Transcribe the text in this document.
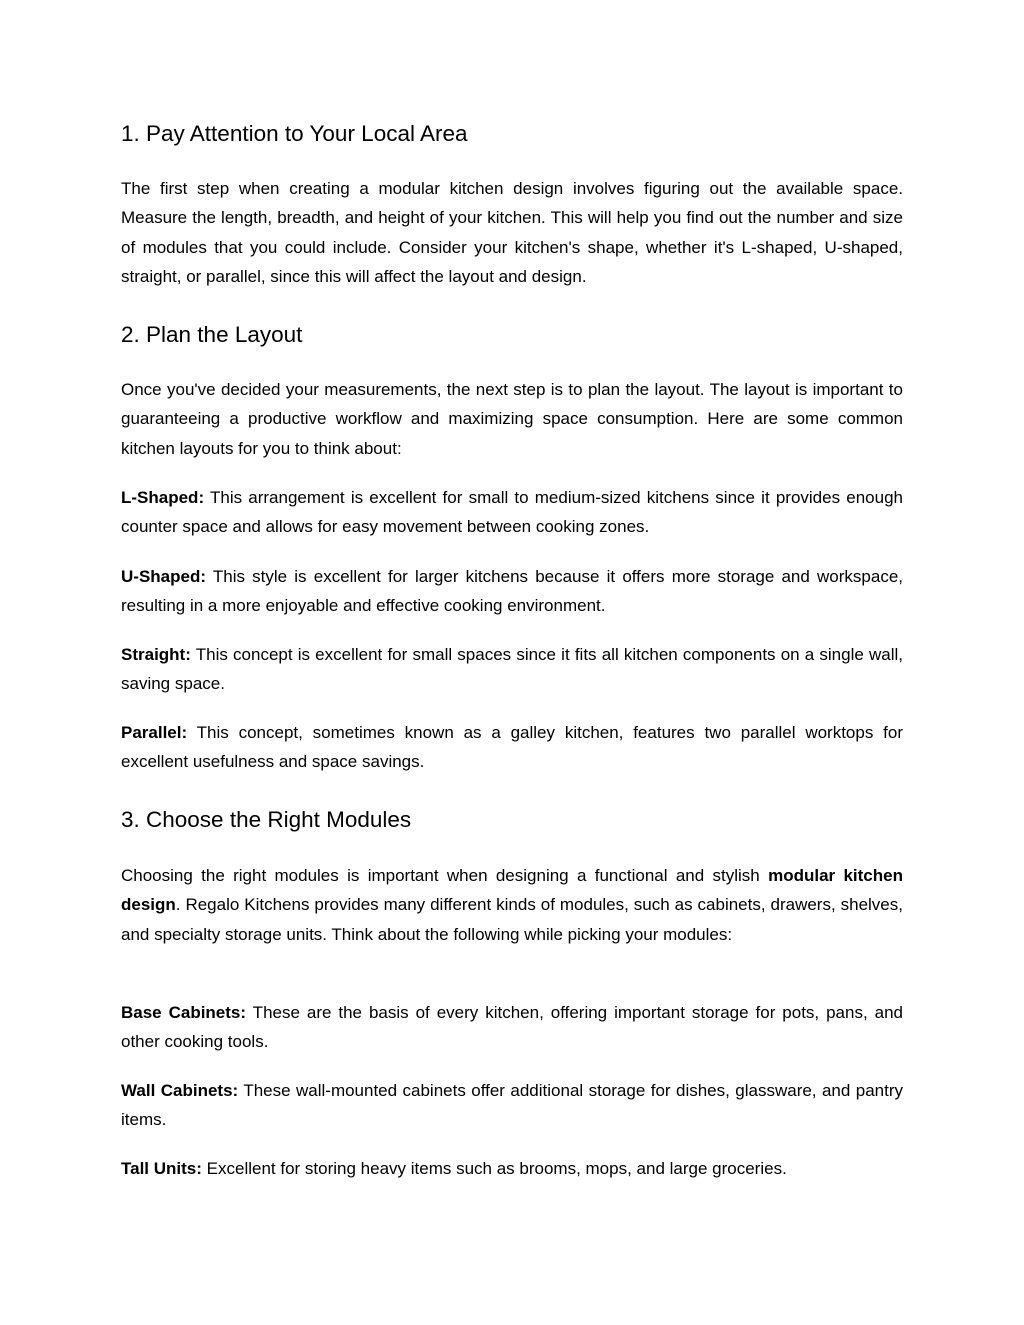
1. Pay Attention to Your Local Area

The first step when creating a modular kitchen design involves figuring out the available space. Measure the length, breadth, and height of your kitchen. This will help you find out the number and size of modules that you could include. Consider your kitchen's shape, whether it's L-shaped, U-shaped, straight, or parallel, since this will affect the layout and design.

2. Plan the Layout

Once you've decided your measurements, the next step is to plan the layout. The layout is important to guaranteeing a productive workflow and maximizing space consumption. Here are some common kitchen layouts for you to think about:

L-Shaped: This arrangement is excellent for small to medium-sized kitchens since it provides enough counter space and allows for easy movement between cooking zones.

U-Shaped: This style is excellent for larger kitchens because it offers more storage and workspace, resulting in a more enjoyable and effective cooking environment.

Straight: This concept is excellent for small spaces since it fits all kitchen components on a single wall, saving space.

Parallel: This concept, sometimes known as a galley kitchen, features two parallel worktops for excellent usefulness and space savings.

3. Choose the Right Modules

Choosing the right modules is important when designing a functional and stylish modular kitchen design. Regalo Kitchens provides many different kinds of modules, such as cabinets, drawers, shelves, and specialty storage units. Think about the following while picking your modules:

Base Cabinets: These are the basis of every kitchen, offering important storage for pots, pans, and other cooking tools.

Wall Cabinets: These wall-mounted cabinets offer additional storage for dishes, glassware, and pantry items.

Tall Units: Excellent for storing heavy items such as brooms, mops, and large groceries.
